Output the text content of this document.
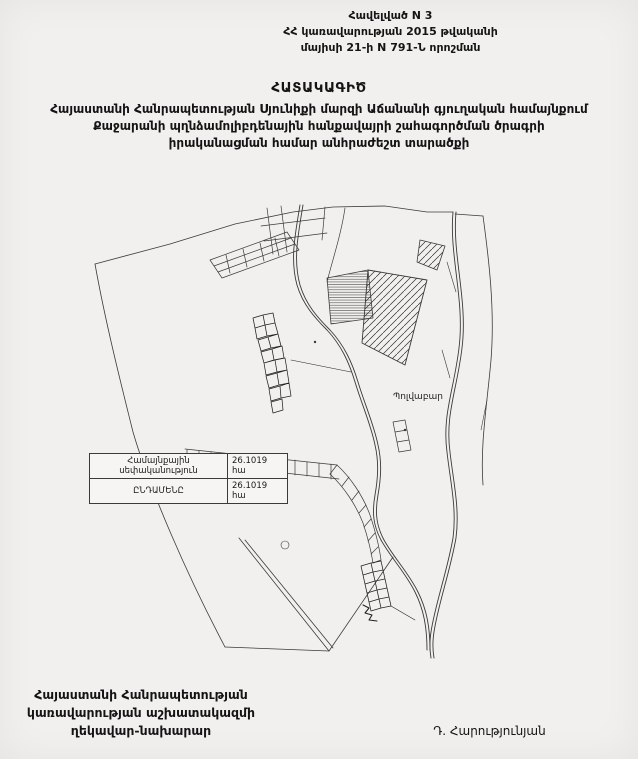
Հավելված N 3
ՀՀ կառավարության 2015 թվականի
մայիսի 21-ի N 791-Ն որոշման
ՀԱՏԱԿԱԳԻԾ
Հայաստանի Հանրապետության Սյունիքի մարզի Աճանանի գյուղական համայնքում
Քաջարանի պղնձամոլիբդենային հանքավայրի շահագործման ծրագրի
իրականացման համար անհրաժեշտ տարածքի
Պոլվաբար
Համայնքային սեփականություն	26.1019 հա
ԸՆԴԱՄԵՆԸ	26.1019 հա
Հայաստանի Հանրապետության
կառավարության աշխատակազմի
ղեկավար-նախարար	Դ. Հարությունյան
